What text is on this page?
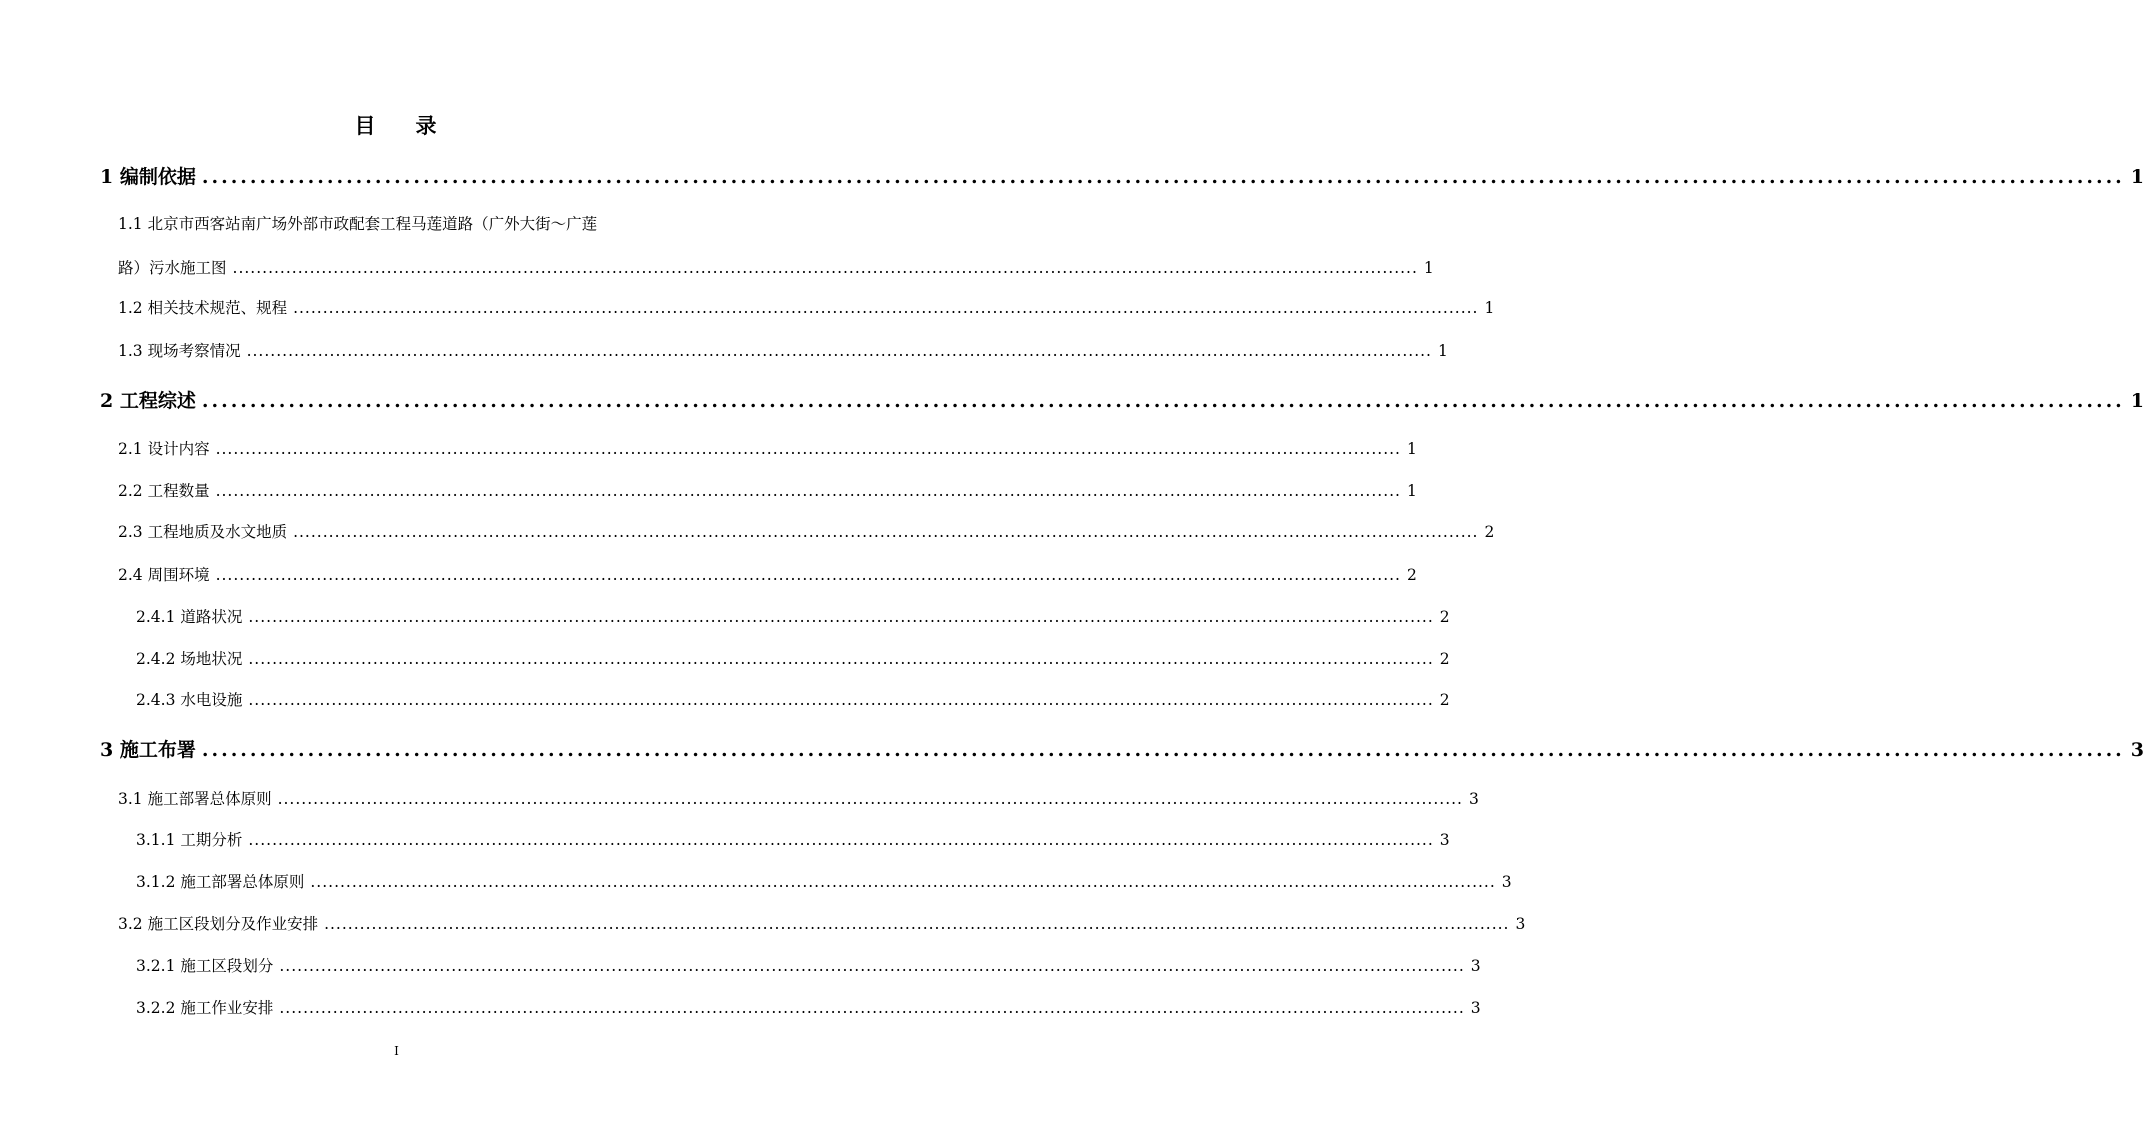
目 录
1 编制依据 ........................................................................................................................................................................................................ 1
1.1 北京市西客站南广场外部市政配套工程马莲道路（广外大街～广莲
路）污水施工图 ........................................................................................................................................................................................................ 1
1.2 相关技术规范、规程 ........................................................................................................................................................................................................ 1
1.3 现场考察情况 ........................................................................................................................................................................................................ 1
2 工程综述 ........................................................................................................................................................................................................ 1
2.1 设计内容 ........................................................................................................................................................................................................ 1
2.2 工程数量 ........................................................................................................................................................................................................ 1
2.3 工程地质及水文地质 ........................................................................................................................................................................................................ 2
2.4 周围环境 ........................................................................................................................................................................................................ 2
2.4.1 道路状况 ........................................................................................................................................................................................................ 2
2.4.2 场地状况 ........................................................................................................................................................................................................ 2
2.4.3 水电设施 ........................................................................................................................................................................................................ 2
3 施工布署 ........................................................................................................................................................................................................ 3
3.1 施工部署总体原则 ........................................................................................................................................................................................................ 3
3.1.1 工期分析 ........................................................................................................................................................................................................ 3
3.1.2 施工部署总体原则 ........................................................................................................................................................................................................ 3
3.2 施工区段划分及作业安排 ........................................................................................................................................................................................................ 3
3.2.1 施工区段划分 ........................................................................................................................................................................................................ 3
3.2.2 施工作业安排 ........................................................................................................................................................................................................ 3
I
